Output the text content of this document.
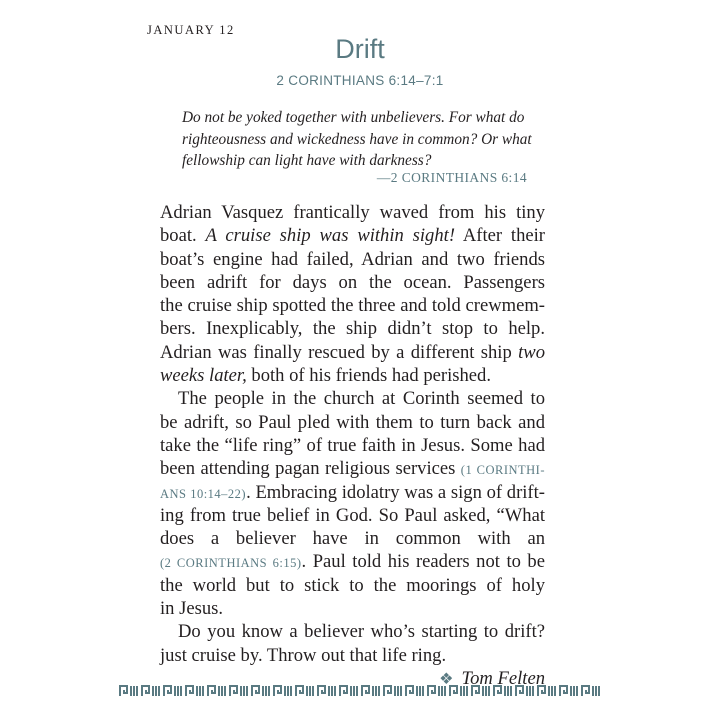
JANUARY 12
Drift
2 CORINTHIANS 6:14–7:1
Do not be yoked together with unbelievers. For what do
righteousness and wickedness have in common? Or what
fellowship can light have with darkness?
—2 CORINTHIANS 6:14
Adrian Vasquez frantically waved from his tiny
boat. A cruise ship was within sight! After their
boat’s engine had failed, Adrian and two friends
been adrift for days on the ocean. Passengers
the cruise ship spotted the three and told crewmem-
bers. Inexplicably, the ship didn’t stop to help.
Adrian was finally rescued by a different ship two
weeks later, both of his friends had perished.
The people in the church at Corinth seemed to
be adrift, so Paul pled with them to turn back and
take the “life ring” of true faith in Jesus. Some had
been attending pagan religious services (1 CORINTHI-
ANS 10:14–22). Embracing idolatry was a sign of drift-
ing from true belief in God. So Paul asked, “What
does a believer have in common with an
(2 CORINTHIANS 6:15). Paul told his readers not to be
the world but to stick to the moorings of holy
in Jesus.
Do you know a believer who’s starting to drift?
just cruise by. Throw out that life ring.
❖ Tom Felten
